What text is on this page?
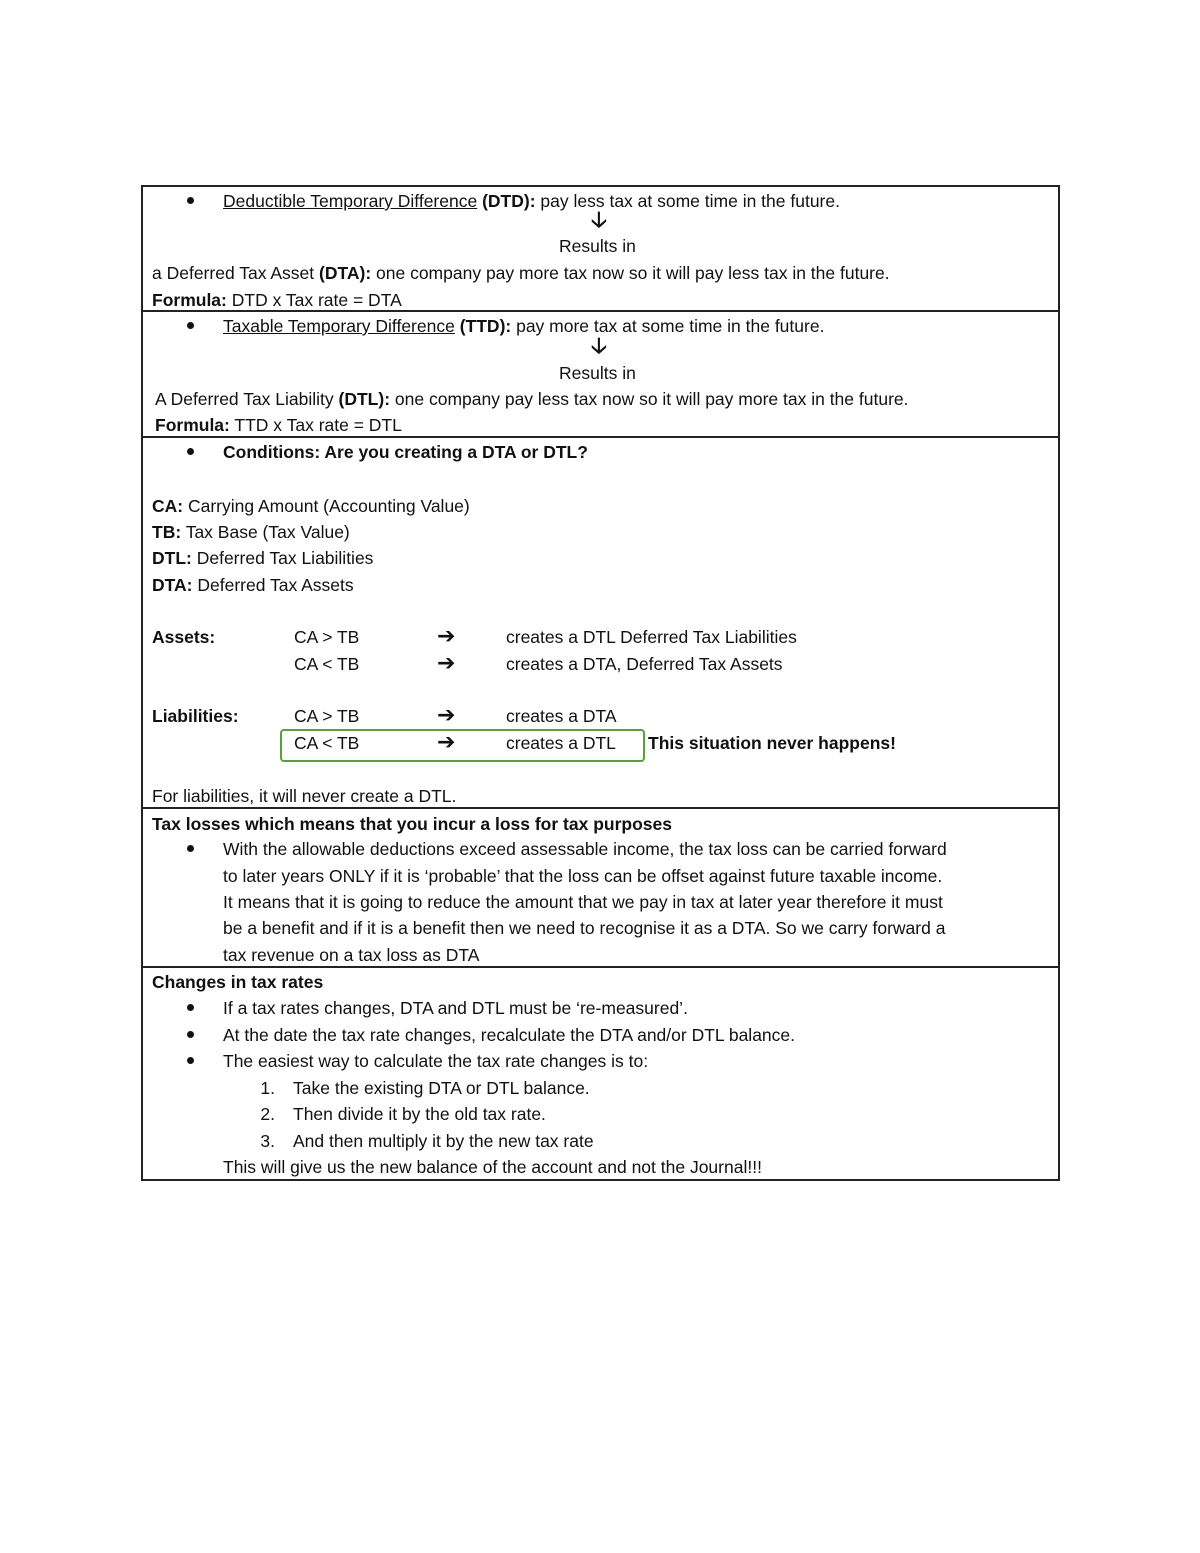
Deductible Temporary Difference (DTD): pay less tax at some time in the future.
🡣
Results in
a Deferred Tax Asset (DTA): one company pay more tax now so it will pay less tax in the future.
Formula: DTD x Tax rate = DTA
Taxable Temporary Difference (TTD): pay more tax at some time in the future.
🡣
Results in
A Deferred Tax Liability (DTL): one company pay less tax now so it will pay more tax in the future.
Formula: TTD x Tax rate = DTL
Conditions: Are you creating a DTA or DTL?
CA: Carrying Amount (Accounting Value)
TB: Tax Base (Tax Value)
DTL: Deferred Tax Liabilities
DTA: Deferred Tax Assets
Assets:	CA > TB	➔	creates a DTL Deferred Tax Liabilities
CA < TB	➔	creates a DTA, Deferred Tax Assets
Liabilities:	CA > TB	➔	creates a DTA
CA < TB	➔	creates a DTL This situation never happens!
For liabilities, it will never create a DTL.
Tax losses which means that you incur a loss for tax purposes
With the allowable deductions exceed assessable income, the tax loss can be carried forward
to later years ONLY if it is ‘probable’ that the loss can be offset against future taxable income.
It means that it is going to reduce the amount that we pay in tax at later year therefore it must
be a benefit and if it is a benefit then we need to recognise it as a DTA. So we carry forward a
tax revenue on a tax loss as DTA
Changes in tax rates
If a tax rates changes, DTA and DTL must be ‘re-measured’.
At the date the tax rate changes, recalculate the DTA and/or DTL balance.
The easiest way to calculate the tax rate changes is to:
1. Take the existing DTA or DTL balance.
2. Then divide it by the old tax rate.
3. And then multiply it by the new tax rate
This will give us the new balance of the account and not the Journal!!!
